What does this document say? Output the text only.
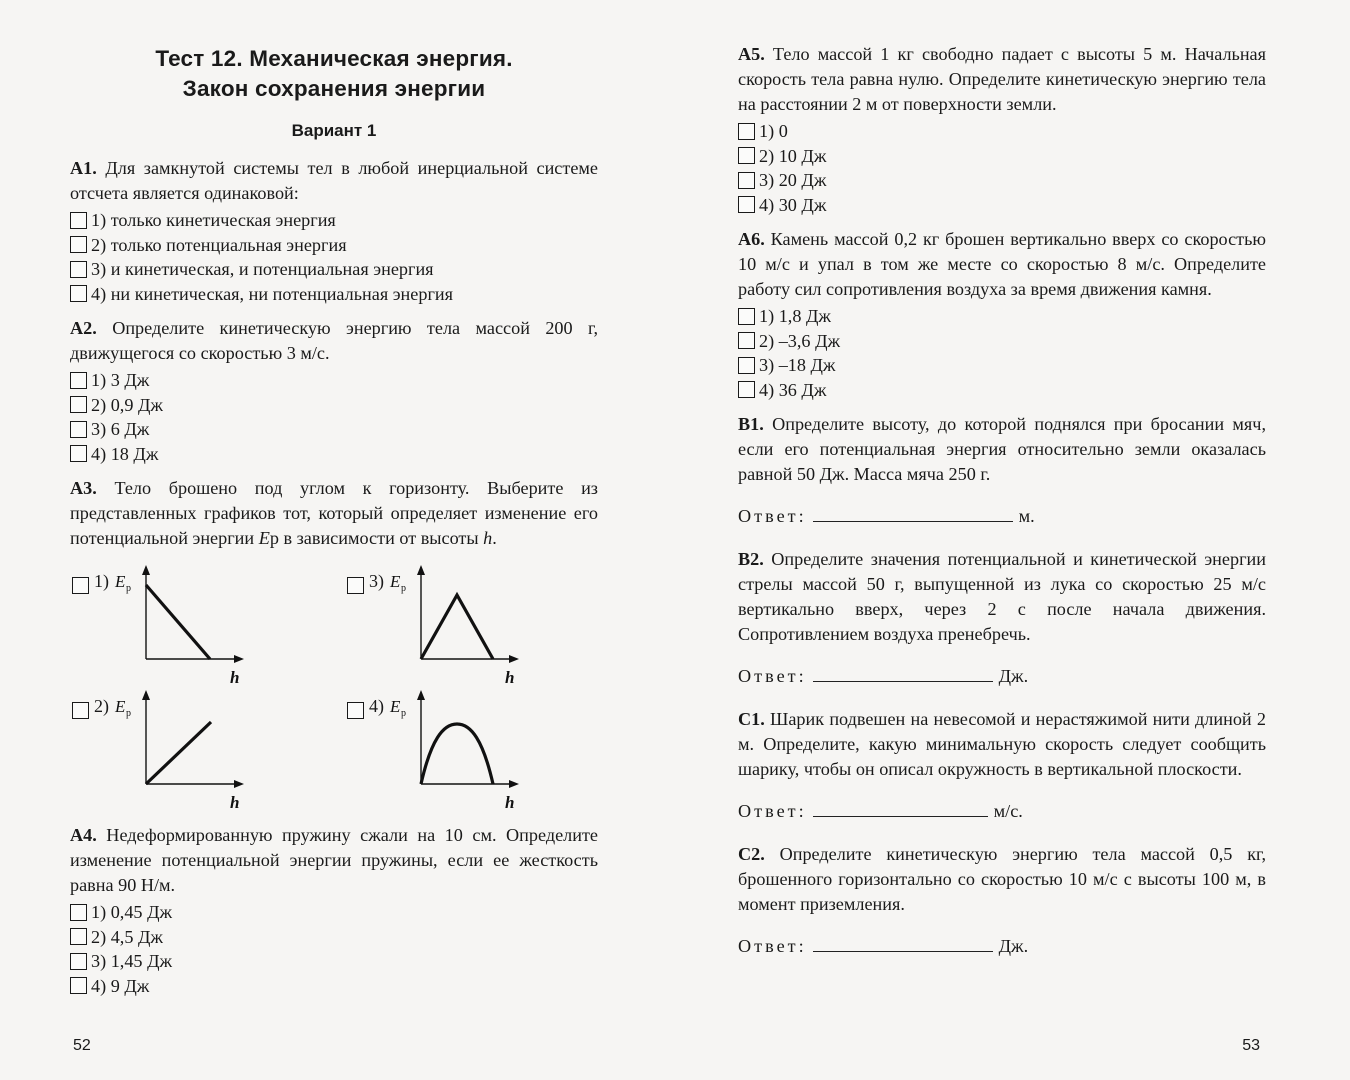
Тест 12. Механическая энергия.
Закон сохранения энергии
Вариант 1

А1. Для замкнутой системы тел в любой инерциальной системе отсчета является одинаковой:

1) только кинетическая энергия
2) только потенциальная энергия
3) и кинетическая, и потенциальная энергия
4) ни кинетическая, ни потенциальная энергия

А2. Определите кинетическую энергию тела массой 200 г, движущегося со скоростью 3 м/с.

1) 3 Дж
2) 0,9 Дж
3) 6 Дж
4) 18 Дж

А3. Тело брошено под углом к горизонту. Выберите из представленных графиков тот, который определяет изменение его потенциальной энергии Eр в зависимости от высоты h.

E р
h
1)
E р
h
2)
E р
h
3)
E р
h
4)

А4. Недеформированную пружину сжали на 10 см. Определите изменение потенциальной энергии пружины, если ее жесткость равна 90 Н/м.

1) 0,45 Дж
2) 4,5 Дж
3) 1,45 Дж
4) 9 Дж
52

А5. Тело массой 1 кг свободно падает с высоты 5 м. Начальная скорость тела равна нулю. Определите кинетическую энергию тела на расстоянии 2 м от поверхности земли.

1) 0
2) 10 Дж
3) 20 Дж
4) 30 Дж

А6. Камень массой 0,2 кг брошен вертикально вверх со скоростью 10 м/с и упал в том же месте со скоростью 8 м/с. Определите работу сил сопротивления воздуха за время движения камня.

1) 1,8 Дж
2) –3,6 Дж
3) –18 Дж
4) 36 Дж

В1. Определите высоту, до которой поднялся при бросании мяч, если его потенциальная энергия относительно земли оказалась равной 50 Дж. Масса мяча 250 г.

Ответ:	м.

В2. Определите значения потенциальной и кинетической энергии стрелы массой 50 г, выпущенной из лука со скоростью 25 м/с вертикально вверх, через 2 с после начала движения. Сопротивлением воздуха пренебречь.

Ответ:	Дж.

С1. Шарик подвешен на невесомой и нерастяжимой нити длиной 2 м. Определите, какую минимальную скорость следует сообщить шарику, чтобы он описал окружность в вертикальной плоскости.

Ответ:	м/с.

С2. Определите кинетическую энергию тела массой 0,5 кг, брошенного горизонтально со скоростью 10 м/с с высоты 100 м, в момент приземления.

Ответ:	Дж.
53
